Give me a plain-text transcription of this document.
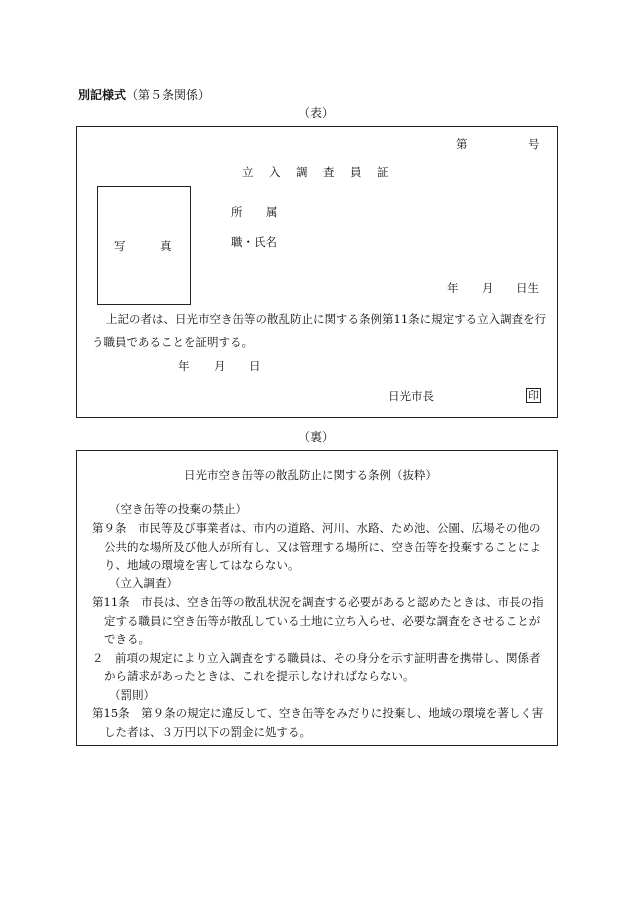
別記様式（第５条関係）
（表）
第	号
立 入 調 査 員 証
写	真
所 属
職・氏名
年 月 日生
上記の者は、日光市空き缶等の散乱防止に関する条例第11条に規定する立入調査を行
う職員であることを証明する。
年 月 日
日光市長	印
（裏）
日光市空き缶等の散乱防止に関する条例（抜粋）
（空き缶等の投棄の禁止）
第９条　市民等及び事業者は、市内の道路、河川、水路、ため池、公園、広場その他の
公共的な場所及び他人が所有し、又は管理する場所に、空き缶等を投棄することによ
り、地域の環境を害してはならない。
（立入調査）
第11条　市長は、空き缶等の散乱状況を調査する必要があると認めたときは、市長の指
定する職員に空き缶等が散乱している土地に立ち入らせ、必要な調査をさせることが
できる。
２　前項の規定により立入調査をする職員は、その身分を示す証明書を携帯し、関係者
から請求があったときは、これを提示しなければならない。
（罰則）
第15条　第９条の規定に違反して、空き缶等をみだりに投棄し、地域の環境を著しく害
した者は、３万円以下の罰金に処する。
